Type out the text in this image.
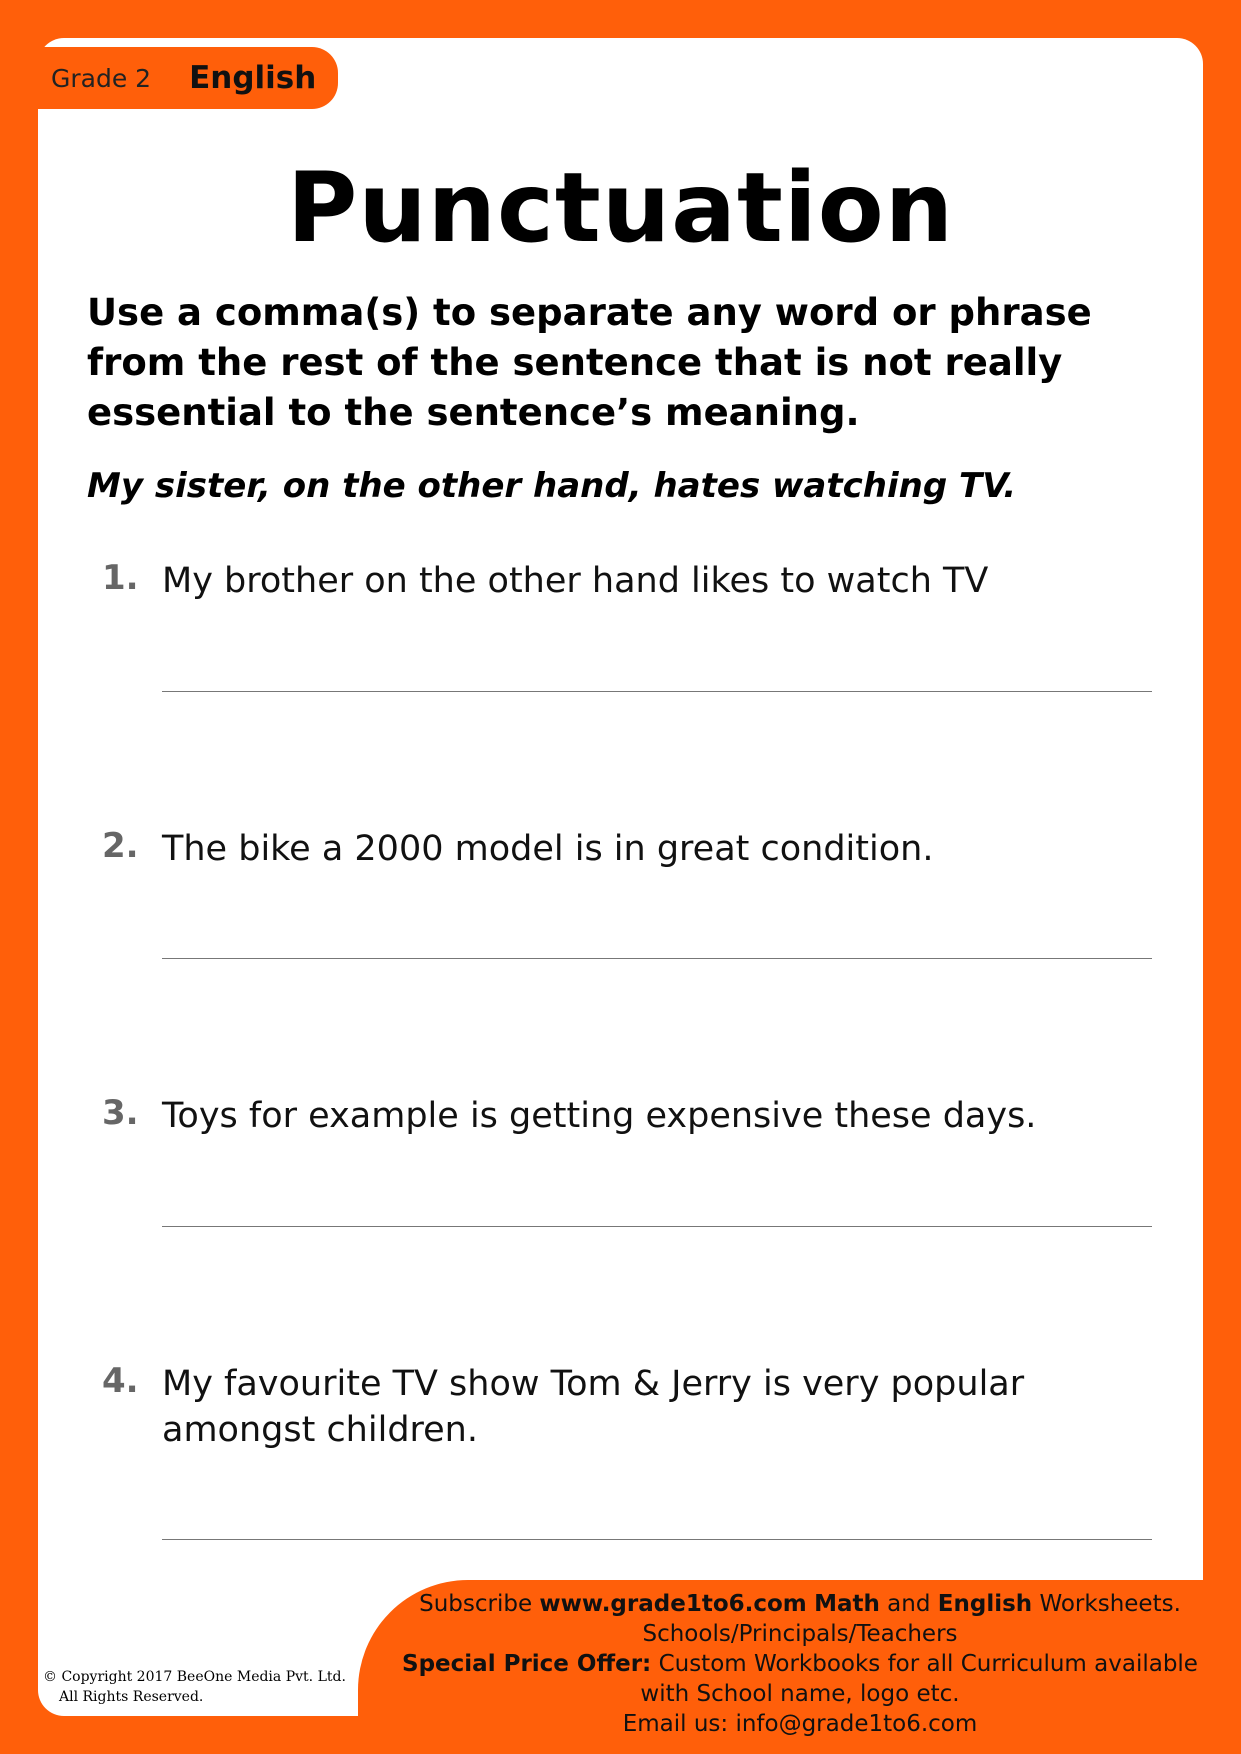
Grade 2 English
Punctuation
Use a comma(s) to separate any word or phrase from the rest of the sentence that is not really essential to the sentence’s meaning.
My sister, on the other hand, hates watching TV.
1. My brother on the other hand likes to watch TV
2. The bike a 2000 model is in great condition.
3. Toys for example is getting expensive these days.
4. My favourite TV show Tom & Jerry is very popular amongst children.
Subscribe www.grade1to6.com Math and English Worksheets.
Schools/Principals/Teachers
Special Price Offer: Custom Workbooks for all Curriculum available
with School name, logo etc.
Email us: info@grade1to6.com
© Copyright 2017 BeeOne Media Pvt. Ltd.
All Rights Reserved.
